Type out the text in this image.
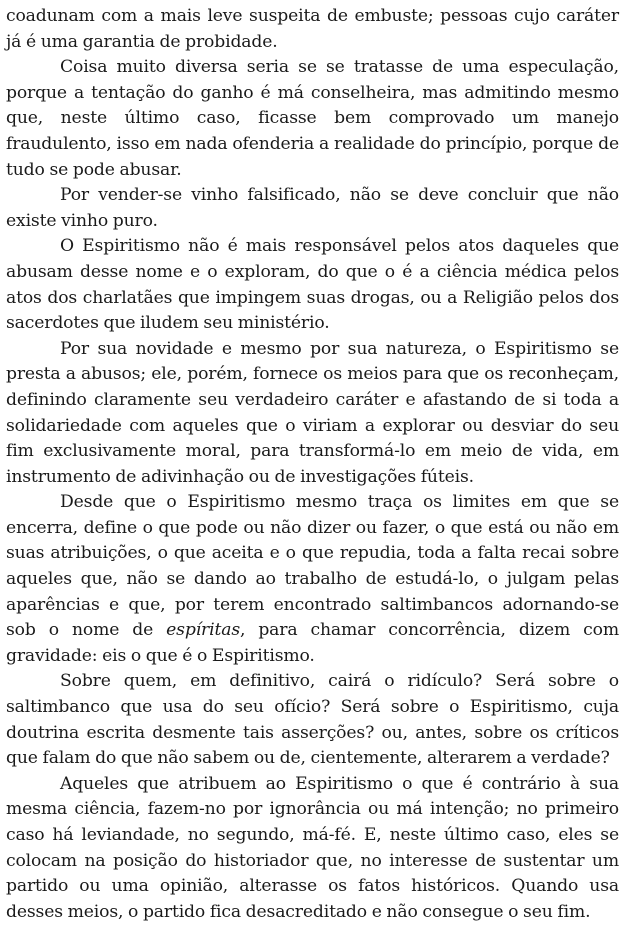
coadunam com a mais leve suspeita de embuste; pessoas cujo caráter já é uma garantia de probidade.

Coisa muito diversa seria se se tratasse de uma especulação, porque a tentação do ganho é má conselheira, mas admitindo mesmo que, neste último caso, ficasse bem comprovado um manejo fraudulento, isso em nada ofenderia a realidade do princípio, porque de tudo se pode abusar.

Por vender-se vinho falsificado, não se deve concluir que não existe vinho puro.

O Espiritismo não é mais responsável pelos atos daqueles que abusam desse nome e o exploram, do que o é a ciência médica pelos atos dos charlatães que impingem suas drogas, ou a Religião pelos dos sacerdotes que iludem seu ministério.

Por sua novidade e mesmo por sua natureza, o Espiritismo se presta a abusos; ele, porém, fornece os meios para que os reconheçam, definindo claramente seu verdadeiro caráter e afastando de si toda a solidariedade com aqueles que o viriam a explorar ou desviar do seu fim exclusivamente moral, para transformá-lo em meio de vida, em instrumento de adivinhação ou de investigações fúteis.

Desde que o Espiritismo mesmo traça os limites em que se encerra, define o que pode ou não dizer ou fazer, o que está ou não em suas atribuições, o que aceita e o que repudia, toda a falta recai sobre aqueles que, não se dando ao trabalho de estudá-lo, o julgam pelas aparências e que, por terem encontrado saltimbancos adornando-se sob o nome de espíritas, para chamar concorrência, dizem com gravidade: eis o que é o Espiritismo.

Sobre quem, em definitivo, cairá o ridículo? Será sobre o saltimbanco que usa do seu ofício? Será sobre o Espiritismo, cuja doutrina escrita desmente tais asserções? ou, antes, sobre os críticos que falam do que não sabem ou de, cientemente, alterarem a verdade?

Aqueles que atribuem ao Espiritismo o que é contrário à sua mesma ciência, fazem-no por ignorância ou má intenção; no primeiro caso há leviandade, no segundo, má-fé. E, neste último caso, eles se colocam na posição do historiador que, no interesse de sustentar um partido ou uma opinião, alterasse os fatos históricos. Quando usa desses meios, o partido fica desacreditado e não consegue o seu fim.
